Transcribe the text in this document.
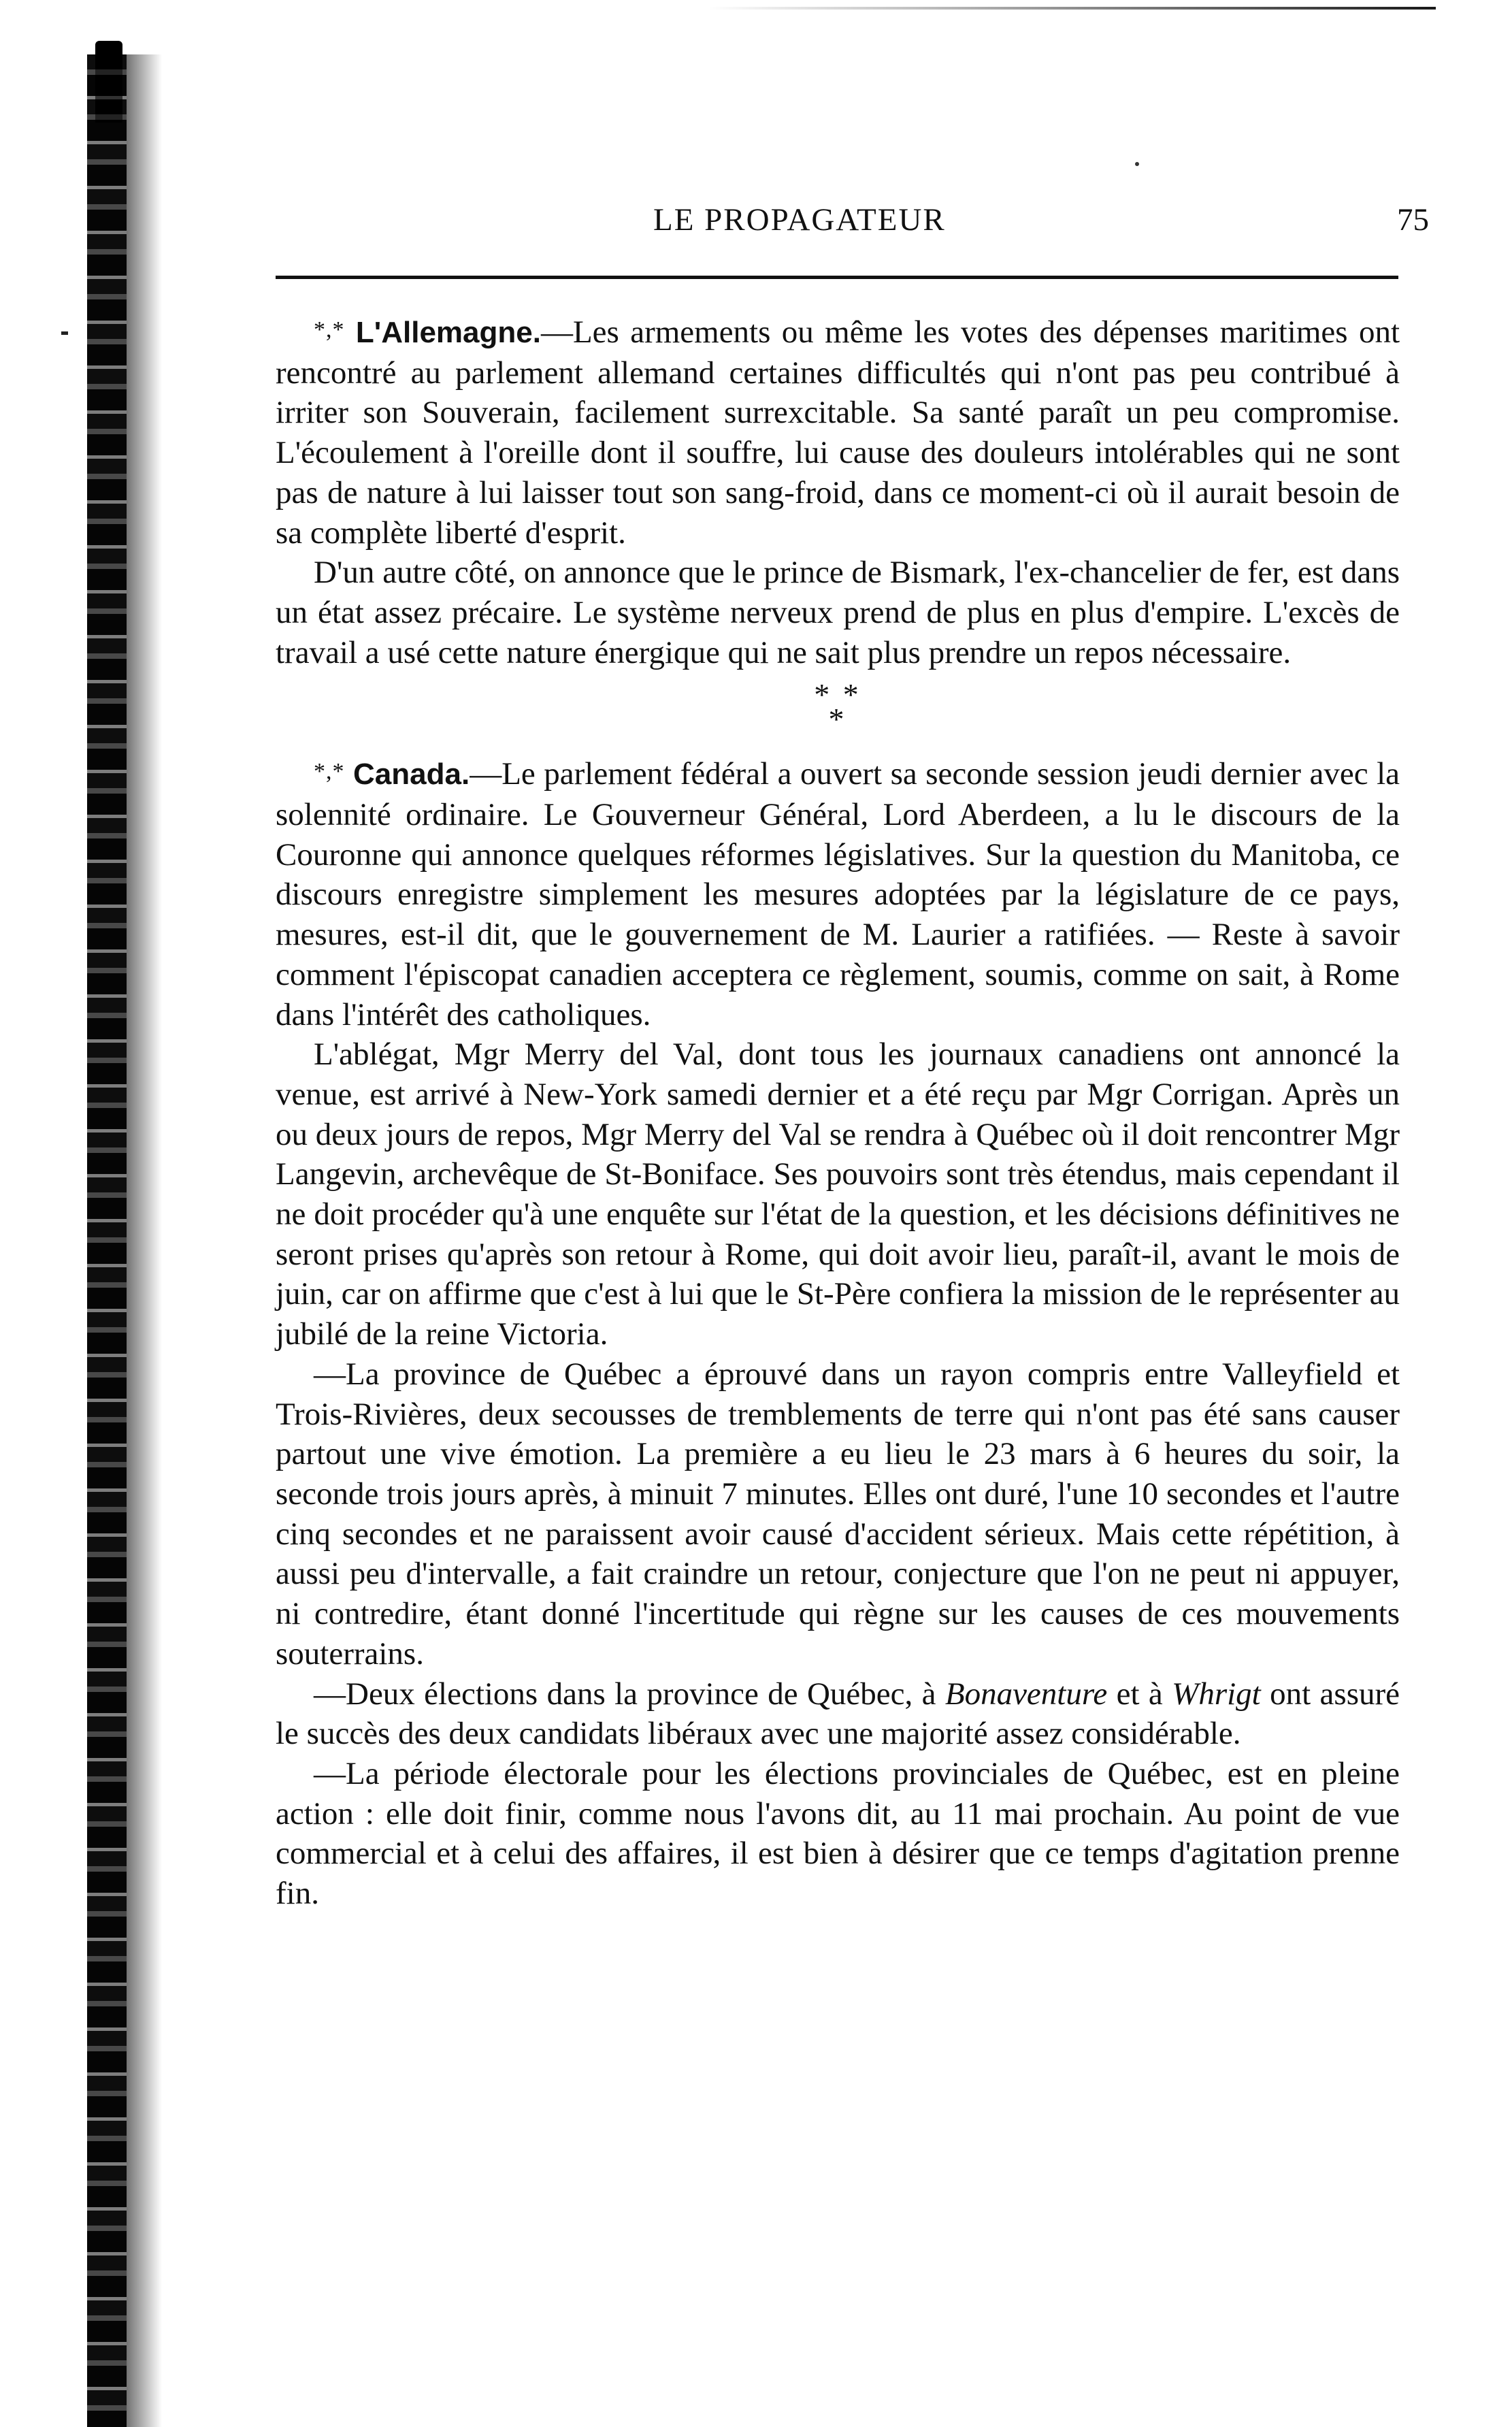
LE PROPAGATEUR	75

*,* L'Allemagne.—Les armements ou même les votes des dépenses maritimes ont rencontré au parlement allemand certaines difficultés qui n'ont pas peu contribué à irriter son Souverain, facilement surrexcitable. Sa santé paraît un peu compromise. L'écoulement à l'oreille dont il souffre, lui cause des douleurs intolérables qui ne sont pas de nature à lui laisser tout son sang-froid, dans ce moment-ci où il aurait besoin de sa complète liberté d'esprit.

D'un autre côté, on annonce que le prince de Bismark, l'ex-chancelier de fer, est dans un état assez précaire. Le système nerveux prend de plus en plus d'empire. L'excès de travail a usé cette nature énergique qui ne sait plus prendre un repos nécessaire.

* *
*

*,* Canada.—Le parlement fédéral a ouvert sa seconde session jeudi dernier avec la solennité ordinaire. Le Gouverneur Général, Lord Aberdeen, a lu le discours de la Couronne qui annonce quelques réformes législatives. Sur la question du Manitoba, ce discours enregistre simplement les mesures adoptées par la législature de ce pays, mesures, est-il dit, que le gouvernement de M. Laurier a ratifiées. — Reste à savoir comment l'épiscopat canadien acceptera ce règlement, soumis, comme on sait, à Rome dans l'intérêt des catholiques.

L'ablégat, Mgr Merry del Val, dont tous les journaux canadiens ont annoncé la venue, est arrivé à New-York samedi dernier et a été reçu par Mgr Corrigan. Après un ou deux jours de repos, Mgr Merry del Val se rendra à Québec où il doit rencontrer Mgr Langevin, archevêque de St-Boniface. Ses pouvoirs sont très étendus, mais cependant il ne doit procéder qu'à une enquête sur l'état de la question, et les décisions définitives ne seront prises qu'après son retour à Rome, qui doit avoir lieu, paraît-il, avant le mois de juin, car on affirme que c'est à lui que le St-Père confiera la mission de le représenter au jubilé de la reine Victoria.

—La province de Québec a éprouvé dans un rayon compris entre Valleyfield et Trois-Rivières, deux secousses de tremblements de terre qui n'ont pas été sans causer partout une vive émotion. La première a eu lieu le 23 mars à 6 heures du soir, la seconde trois jours après, à minuit 7 minutes. Elles ont duré, l'une 10 secondes et l'autre cinq secondes et ne paraissent avoir causé d'accident sérieux. Mais cette répétition, à aussi peu d'intervalle, a fait craindre un retour, conjecture que l'on ne peut ni appuyer, ni contredire, étant donné l'incertitude qui règne sur les causes de ces mouvements souterrains.

—Deux élections dans la province de Québec, à Bonaventure et à Whrigt ont assuré le succès des deux candidats libéraux avec une majorité assez considérable.

—La période électorale pour les élections provinciales de Québec, est en pleine action : elle doit finir, comme nous l'avons dit, au 11 mai prochain. Au point de vue commercial et à celui des affaires, il est bien à désirer que ce temps d'agitation prenne fin.
